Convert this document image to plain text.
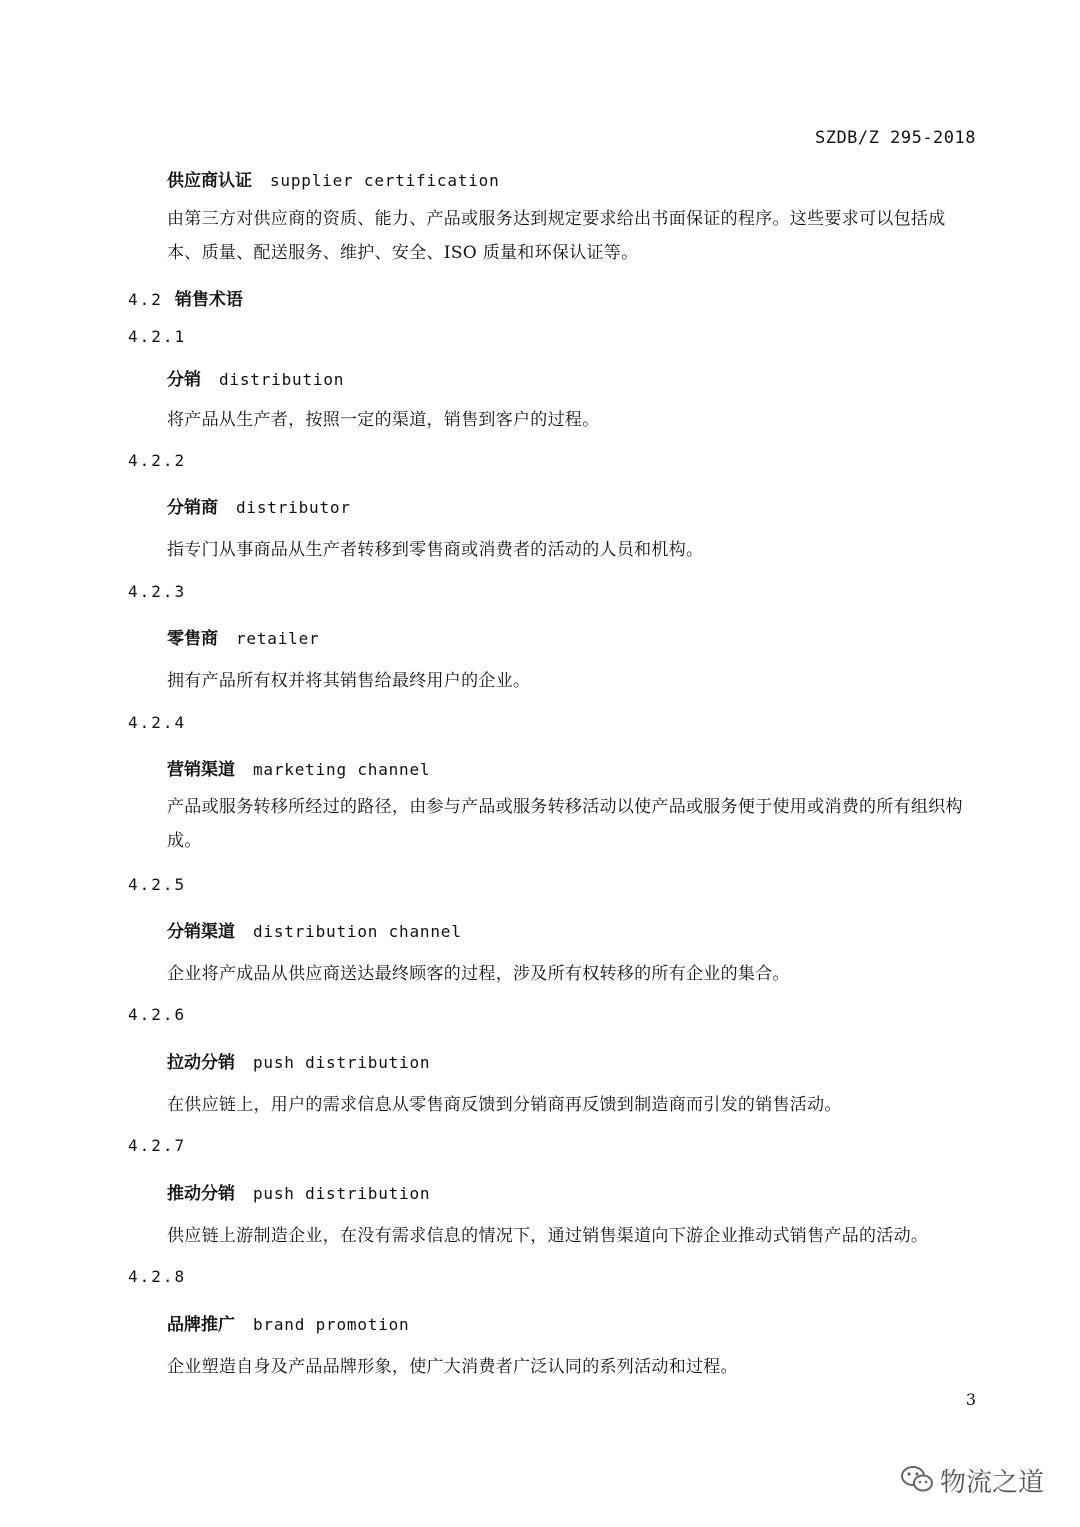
SZDB/Z 295-2018
供应商认证 supplier certification
由第三方对供应商的资质、能力、产品或服务达到规定要求给出书面保证的程序。这些要求可以包括成本、质量、配送服务、维护、安全、ISO 质量和环保认证等。
4.2 销售术语
4.2.1
分销 distribution
将产品从生产者，按照一定的渠道，销售到客户的过程。
4.2.2
分销商 distributor
指专门从事商品从生产者转移到零售商或消费者的活动的人员和机构。
4.2.3
零售商 retailer
拥有产品所有权并将其销售给最终用户的企业。
4.2.4
营销渠道 marketing channel
产品或服务转移所经过的路径，由参与产品或服务转移活动以使产品或服务便于使用或消费的所有组织构成。
4.2.5
分销渠道 distribution channel
企业将产成品从供应商送达最终顾客的过程，涉及所有权转移的所有企业的集合。
4.2.6
拉动分销 push distribution
在供应链上，用户的需求信息从零售商反馈到分销商再反馈到制造商而引发的销售活动。
4.2.7
推动分销 push distribution
供应链上游制造企业，在没有需求信息的情况下，通过销售渠道向下游企业推动式销售产品的活动。
4.2.8
品牌推广 brand promotion
企业塑造自身及产品品牌形象，使广大消费者广泛认同的系列活动和过程。
3
物流之道
